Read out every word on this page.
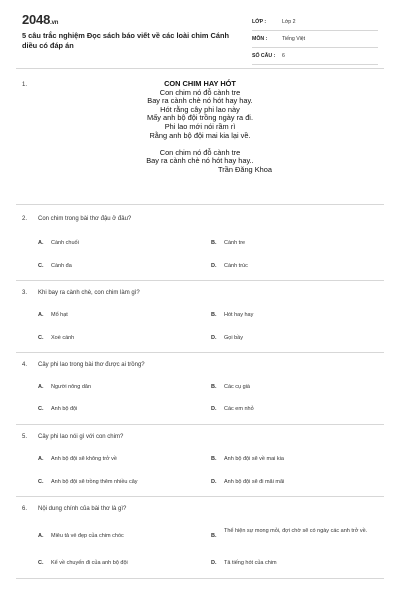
2048.vn
5 câu trắc nghiệm Đọc sách báo viết về các loài chim Cánh diều có đáp án
LỚP :	Lớp 2
MÔN :	Tiếng Việt
SỐ CÂU :	6
1.	CON CHIM HAY HÓT
Con chim nó đỗ cành tre
Bay ra cành chè nó hót hay hay.
Hót rằng cây phi lao này
Mấy anh bộ đội trồng ngày ra đi.
Phi lao mới nói rầm rì
Rằng anh bộ đội mai kia lại về.
Con chim nó đỗ cành tre
Bay ra cành chè nó hót hay hay..
Trần Đăng Khoa
2. Con chim trong bài thơ đậu ở đâu?
A.	Cành chuối	B.	Cành tre
C.	Cành đa	D.	Cành trúc
3. Khi bay ra cành chè, con chim làm gì?
A.	Mổ hạt	B.	Hót hay hay
C.	Xoè cánh	D.	Gọi bầy
4. Cây phi lao trong bài thơ được ai trồng?
A.	Người nông dân	B.	Các cụ già
C.	Anh bộ đội	D.	Các em nhỏ
5. Cây phi lao nói gì với con chim?
A.	Anh bộ đội sẽ không trở về	B.	Anh bộ đội sẽ về mai kia
C.	Anh bộ đội sẽ trồng thêm nhiều cây	D.	Anh bộ đội sẽ đi mãi mãi
6. Nội dung chính của bài thơ là gì?
A.	Miêu tả vẻ đẹp của chim chóc	B.
Thể hiện sự mong mỏi, đợi chờ sẽ có ngày các anh trở về.
C.	Kể về chuyến đi của anh bộ đội	D.	Tả tiếng hót của chim
